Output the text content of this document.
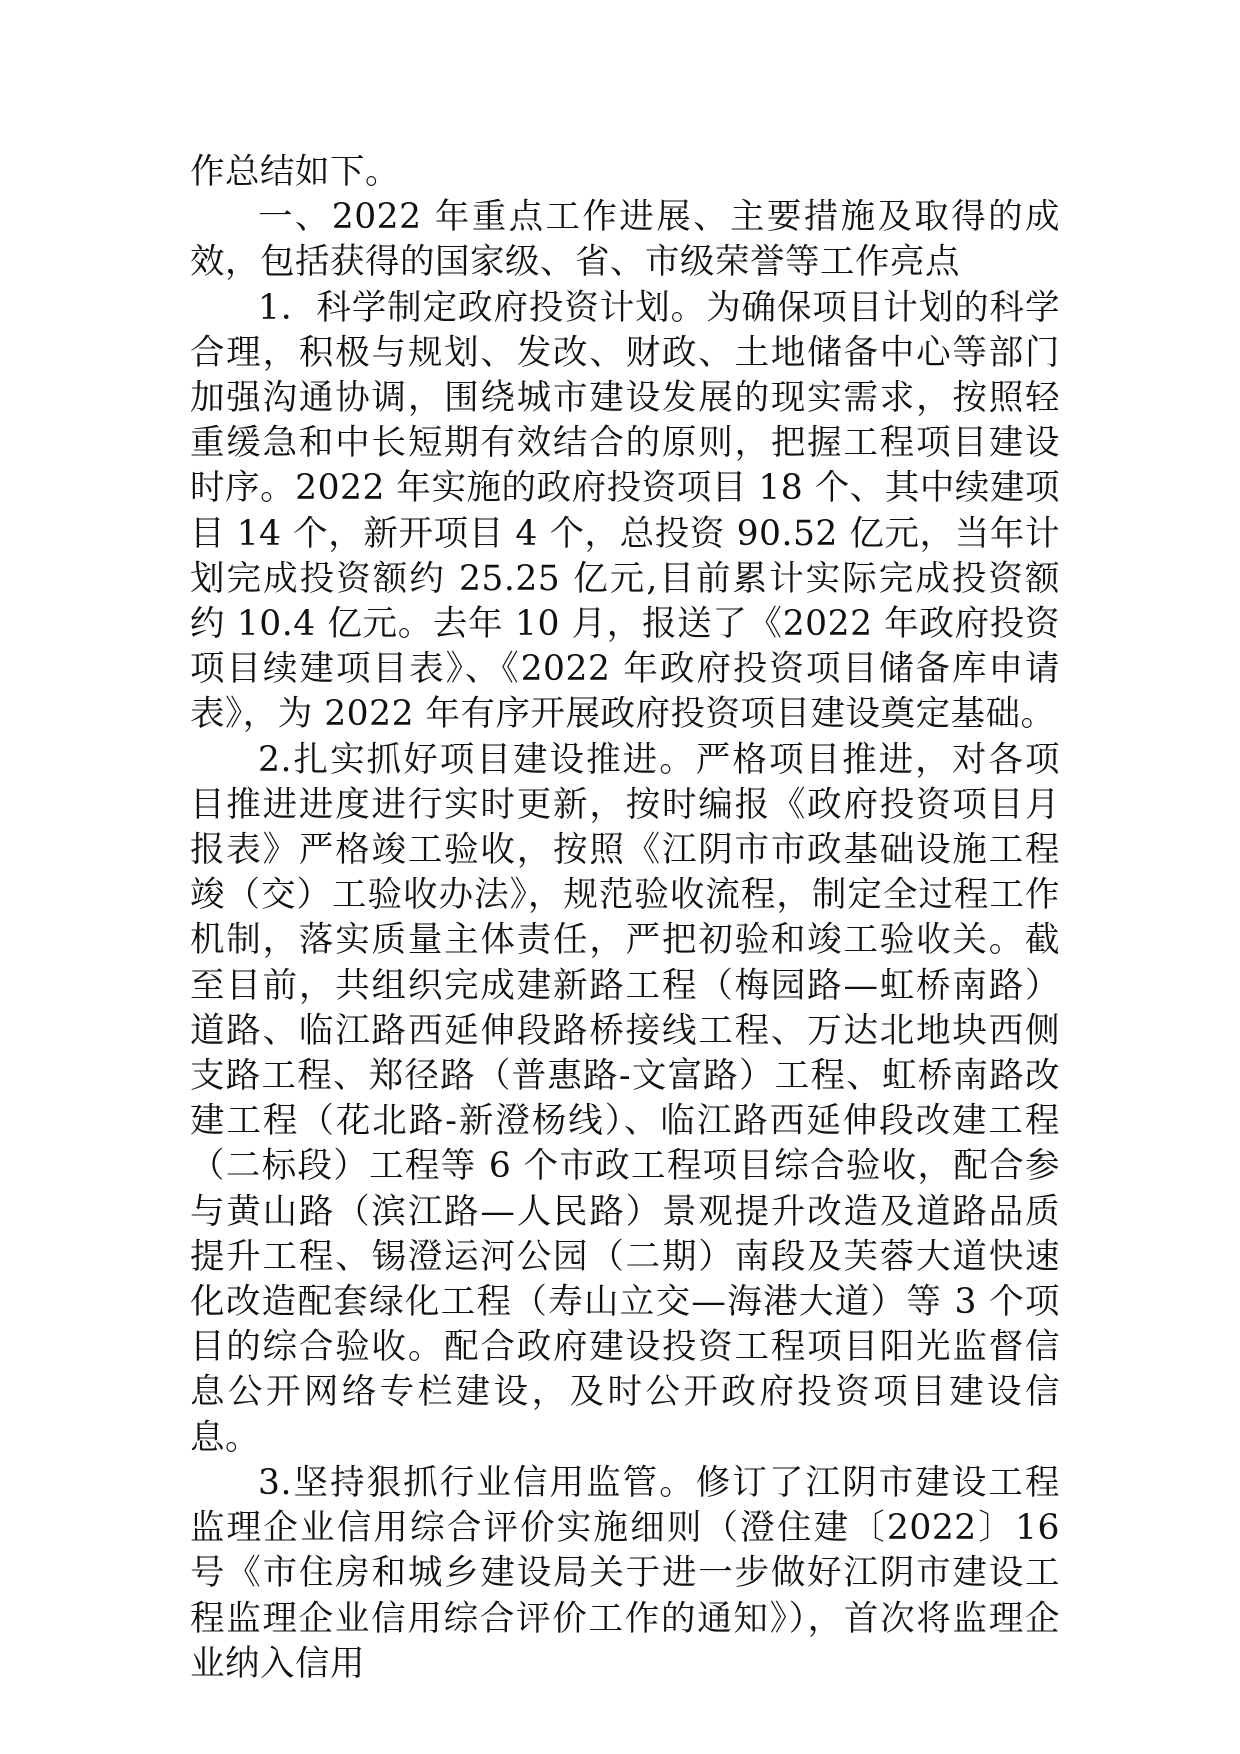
作总结如下。

一、2022 年重点工作进展、主要措施及取得的成效，包括获得的国家级、省、市级荣誉等工作亮点

1．科学制定政府投资计划。为确保项目计划的科学合理，积极与规划、发改、财政、土地储备中心等部门加强沟通协调，围绕城市建设发展的现实需求，按照轻重缓急和中长短期有效结合的原则，把握工程项目建设时序。2022 年实施的政府投资项目 18 个、其中续建项目 14 个，新开项目 4 个，总投资 90.52 亿元，当年计划完成投资额约 25.25 亿元,目前累计实际完成投资额约 10.4 亿元。去年 10 月，报送了《2022 年政府投资项目续建项目表》、《2022 年政府投资项目储备库申请表》，为 2022 年有序开展政府投资项目建设奠定基础。

2.扎实抓好项目建设推进。严格项目推进，对各项目推进进度进行实时更新，按时编报《政府投资项目月报表》严格竣工验收，按照《江阴市市政基础设施工程竣（交）工验收办法》，规范验收流程，制定全过程工作机制，落实质量主体责任，严把初验和竣工验收关。截至目前，共组织完成建新路工程（梅园路—虹桥南路）道路、临江路西延伸段路桥接线工程、万达北地块西侧支路工程、郑径路（普惠路-文富路）工程、虹桥南路改建工程（花北路-新澄杨线）、临江路西延伸段改建工程（二标段）工程等 6 个市政工程项目综合验收，配合参与黄山路（滨江路—人民路）景观提升改造及道路品质提升工程、锡澄运河公园（二期）南段及芙蓉大道快速化改造配套绿化工程（寿山立交—海港大道）等 3 个项目的综合验收。配合政府建设投资工程项目阳光监督信息公开网络专栏建设，及时公开政府投资项目建设信息。

3.坚持狠抓行业信用监管。修订了江阴市建设工程监理企业信用综合评价实施细则（澄住建〔2022〕16 号《市住房和城乡建设局关于进一步做好江阴市建设工程监理企业信用综合评价工作的通知》），首次将监理企业纳入信用
